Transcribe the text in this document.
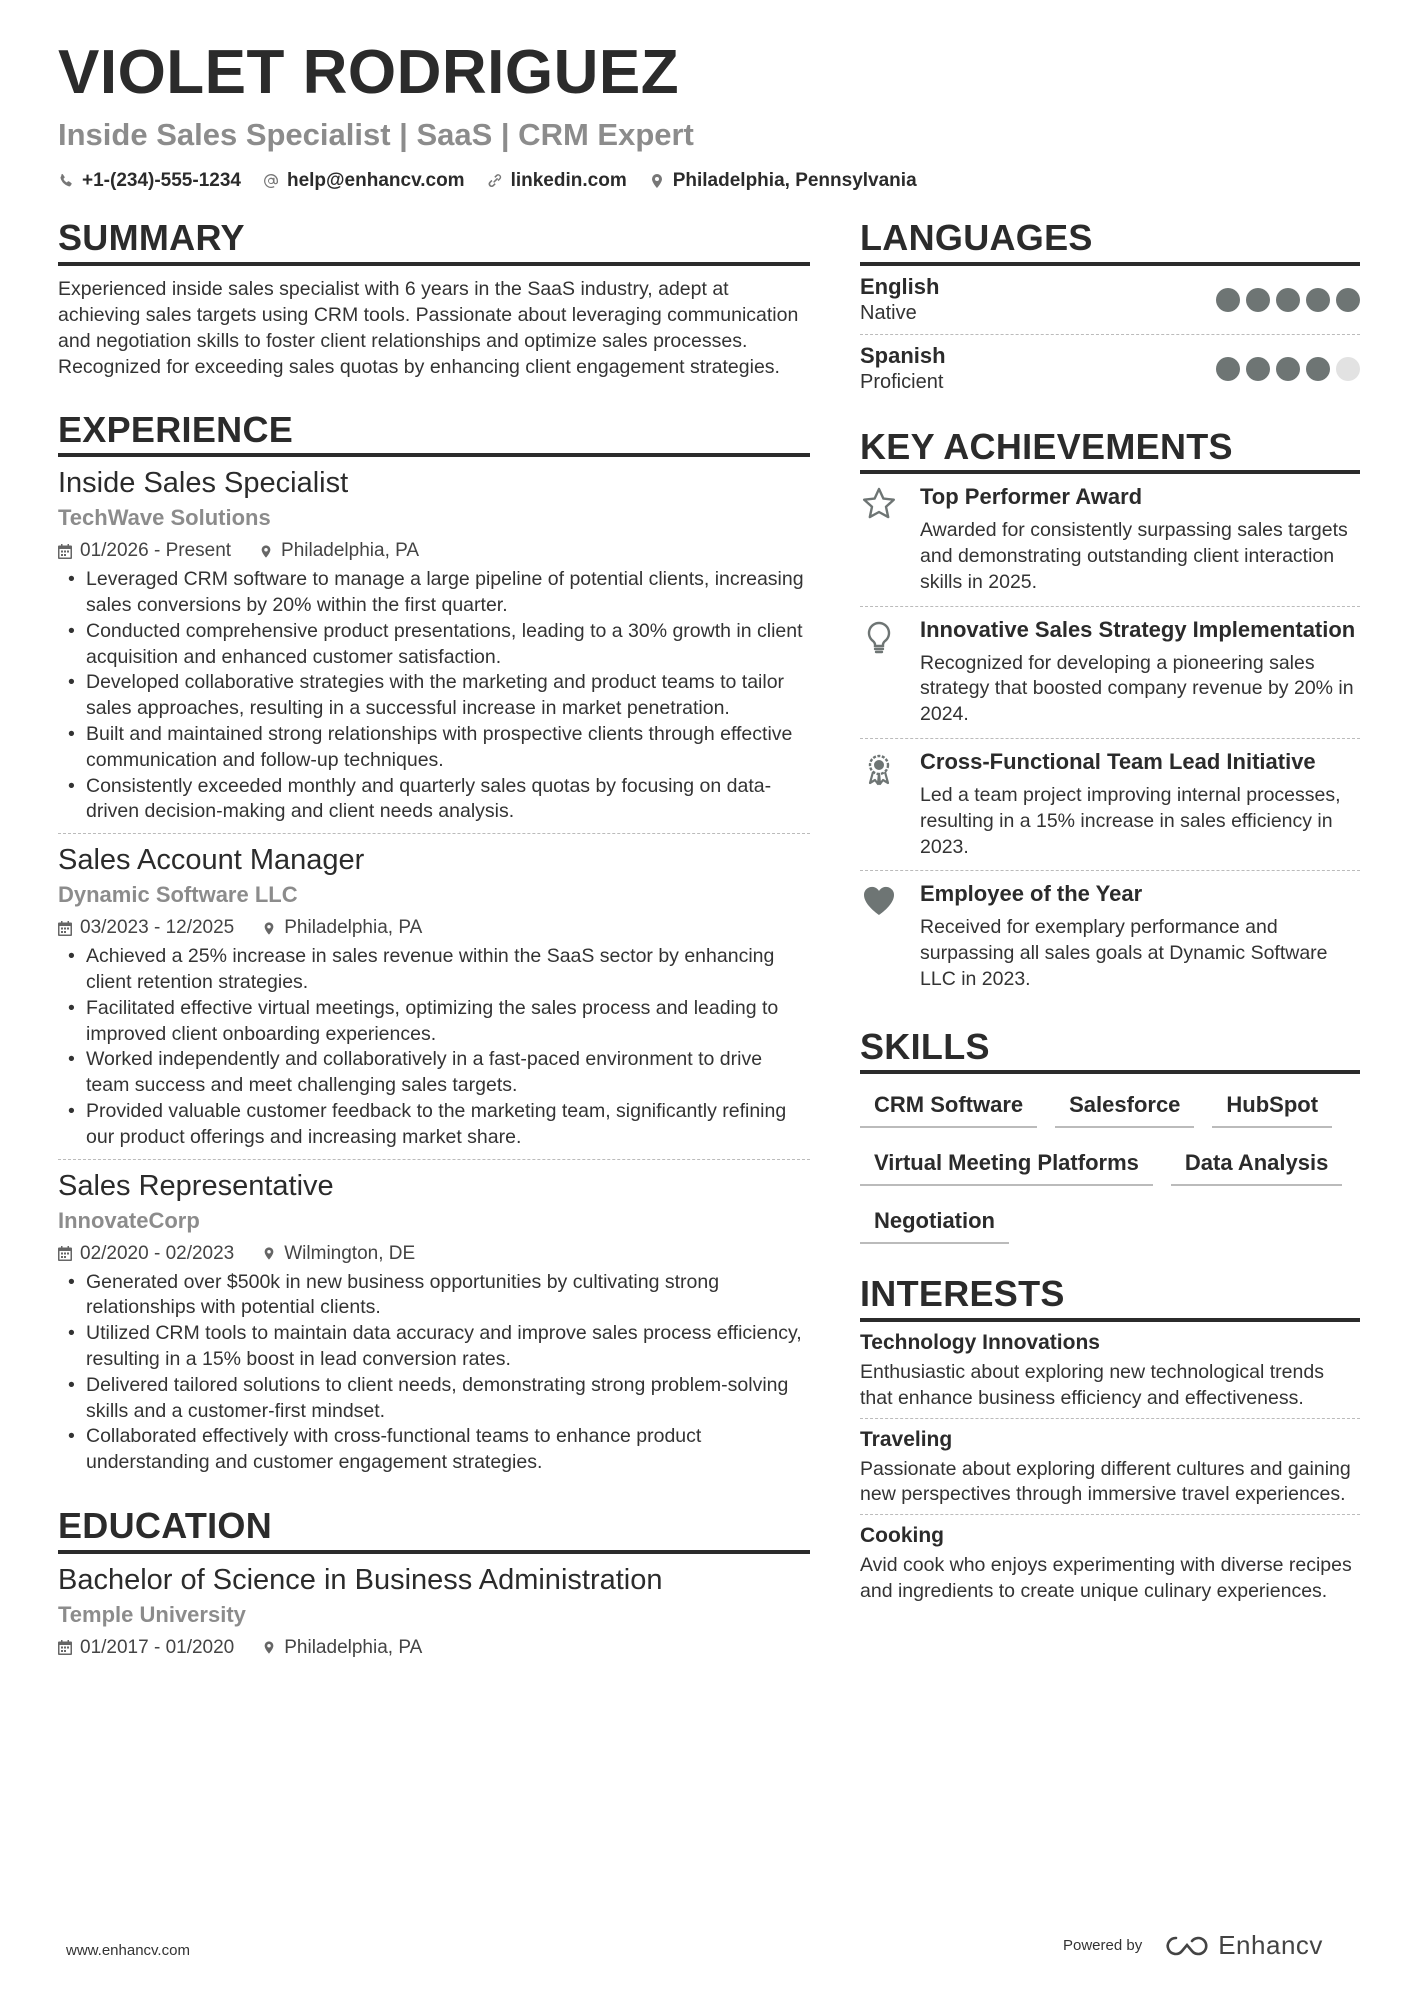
VIOLET RODRIGUEZ
Inside Sales Specialist | SaaS | CRM Expert
+1-(234)-555-1234 help@enhancv.com linkedin.com Philadelphia, Pennsylvania
SUMMARY
Experienced inside sales specialist with 6 years in the SaaS industry, adept at achieving sales targets using CRM tools. Passionate about leveraging communication and negotiation skills to foster client relationships and optimize sales processes. Recognized for exceeding sales quotas by enhancing client engagement strategies.
EXPERIENCE
Inside Sales Specialist
TechWave Solutions
01/2026 - Present	Philadelphia, PA
• Leveraged CRM software to manage a large pipeline of potential clients, increasing sales conversions by 20% within the first quarter.
• Conducted comprehensive product presentations, leading to a 30% growth in client acquisition and enhanced customer satisfaction.
• Developed collaborative strategies with the marketing and product teams to tailor sales approaches, resulting in a successful increase in market penetration.
• Built and maintained strong relationships with prospective clients through effective communication and follow-up techniques.
• Consistently exceeded monthly and quarterly sales quotas by focusing on data-driven decision-making and client needs analysis.
Sales Account Manager
Dynamic Software LLC
03/2023 - 12/2025	Philadelphia, PA
• Achieved a 25% increase in sales revenue within the SaaS sector by enhancing client retention strategies.
• Facilitated effective virtual meetings, optimizing the sales process and leading to improved client onboarding experiences.
• Worked independently and collaboratively in a fast-paced environment to drive team success and meet challenging sales targets.
• Provided valuable customer feedback to the marketing team, significantly refining our product offerings and increasing market share.
Sales Representative
InnovateCorp
02/2020 - 02/2023	Wilmington, DE
• Generated over $500k in new business opportunities by cultivating strong relationships with potential clients.
• Utilized CRM tools to maintain data accuracy and improve sales process efficiency, resulting in a 15% boost in lead conversion rates.
• Delivered tailored solutions to client needs, demonstrating strong problem-solving skills and a customer-first mindset.
• Collaborated effectively with cross-functional teams to enhance product understanding and customer engagement strategies.
EDUCATION
Bachelor of Science in Business Administration
Temple University
01/2017 - 01/2020	Philadelphia, PA
LANGUAGES
English
Native
Spanish
Proficient
KEY ACHIEVEMENTS
Top Performer Award
Awarded for consistently surpassing sales targets and demonstrating outstanding client interaction skills in 2025.
Innovative Sales Strategy Implementation
Recognized for developing a pioneering sales strategy that boosted company revenue by 20% in 2024.
Cross-Functional Team Lead Initiative
Led a team project improving internal processes, resulting in a 15% increase in sales efficiency in 2023.
Employee of the Year
Received for exemplary performance and surpassing all sales goals at Dynamic Software LLC in 2023.
SKILLS
CRM Software	Salesforce	HubSpot
Virtual Meeting Platforms	Data Analysis
Negotiation
INTERESTS
Technology Innovations
Enthusiastic about exploring new technological trends that enhance business efficiency and effectiveness.
Traveling
Passionate about exploring different cultures and gaining new perspectives through immersive travel experiences.
Cooking
Avid cook who enjoys experimenting with diverse recipes and ingredients to create unique culinary experiences.
www.enhancv.com	Powered by	Enhancv
